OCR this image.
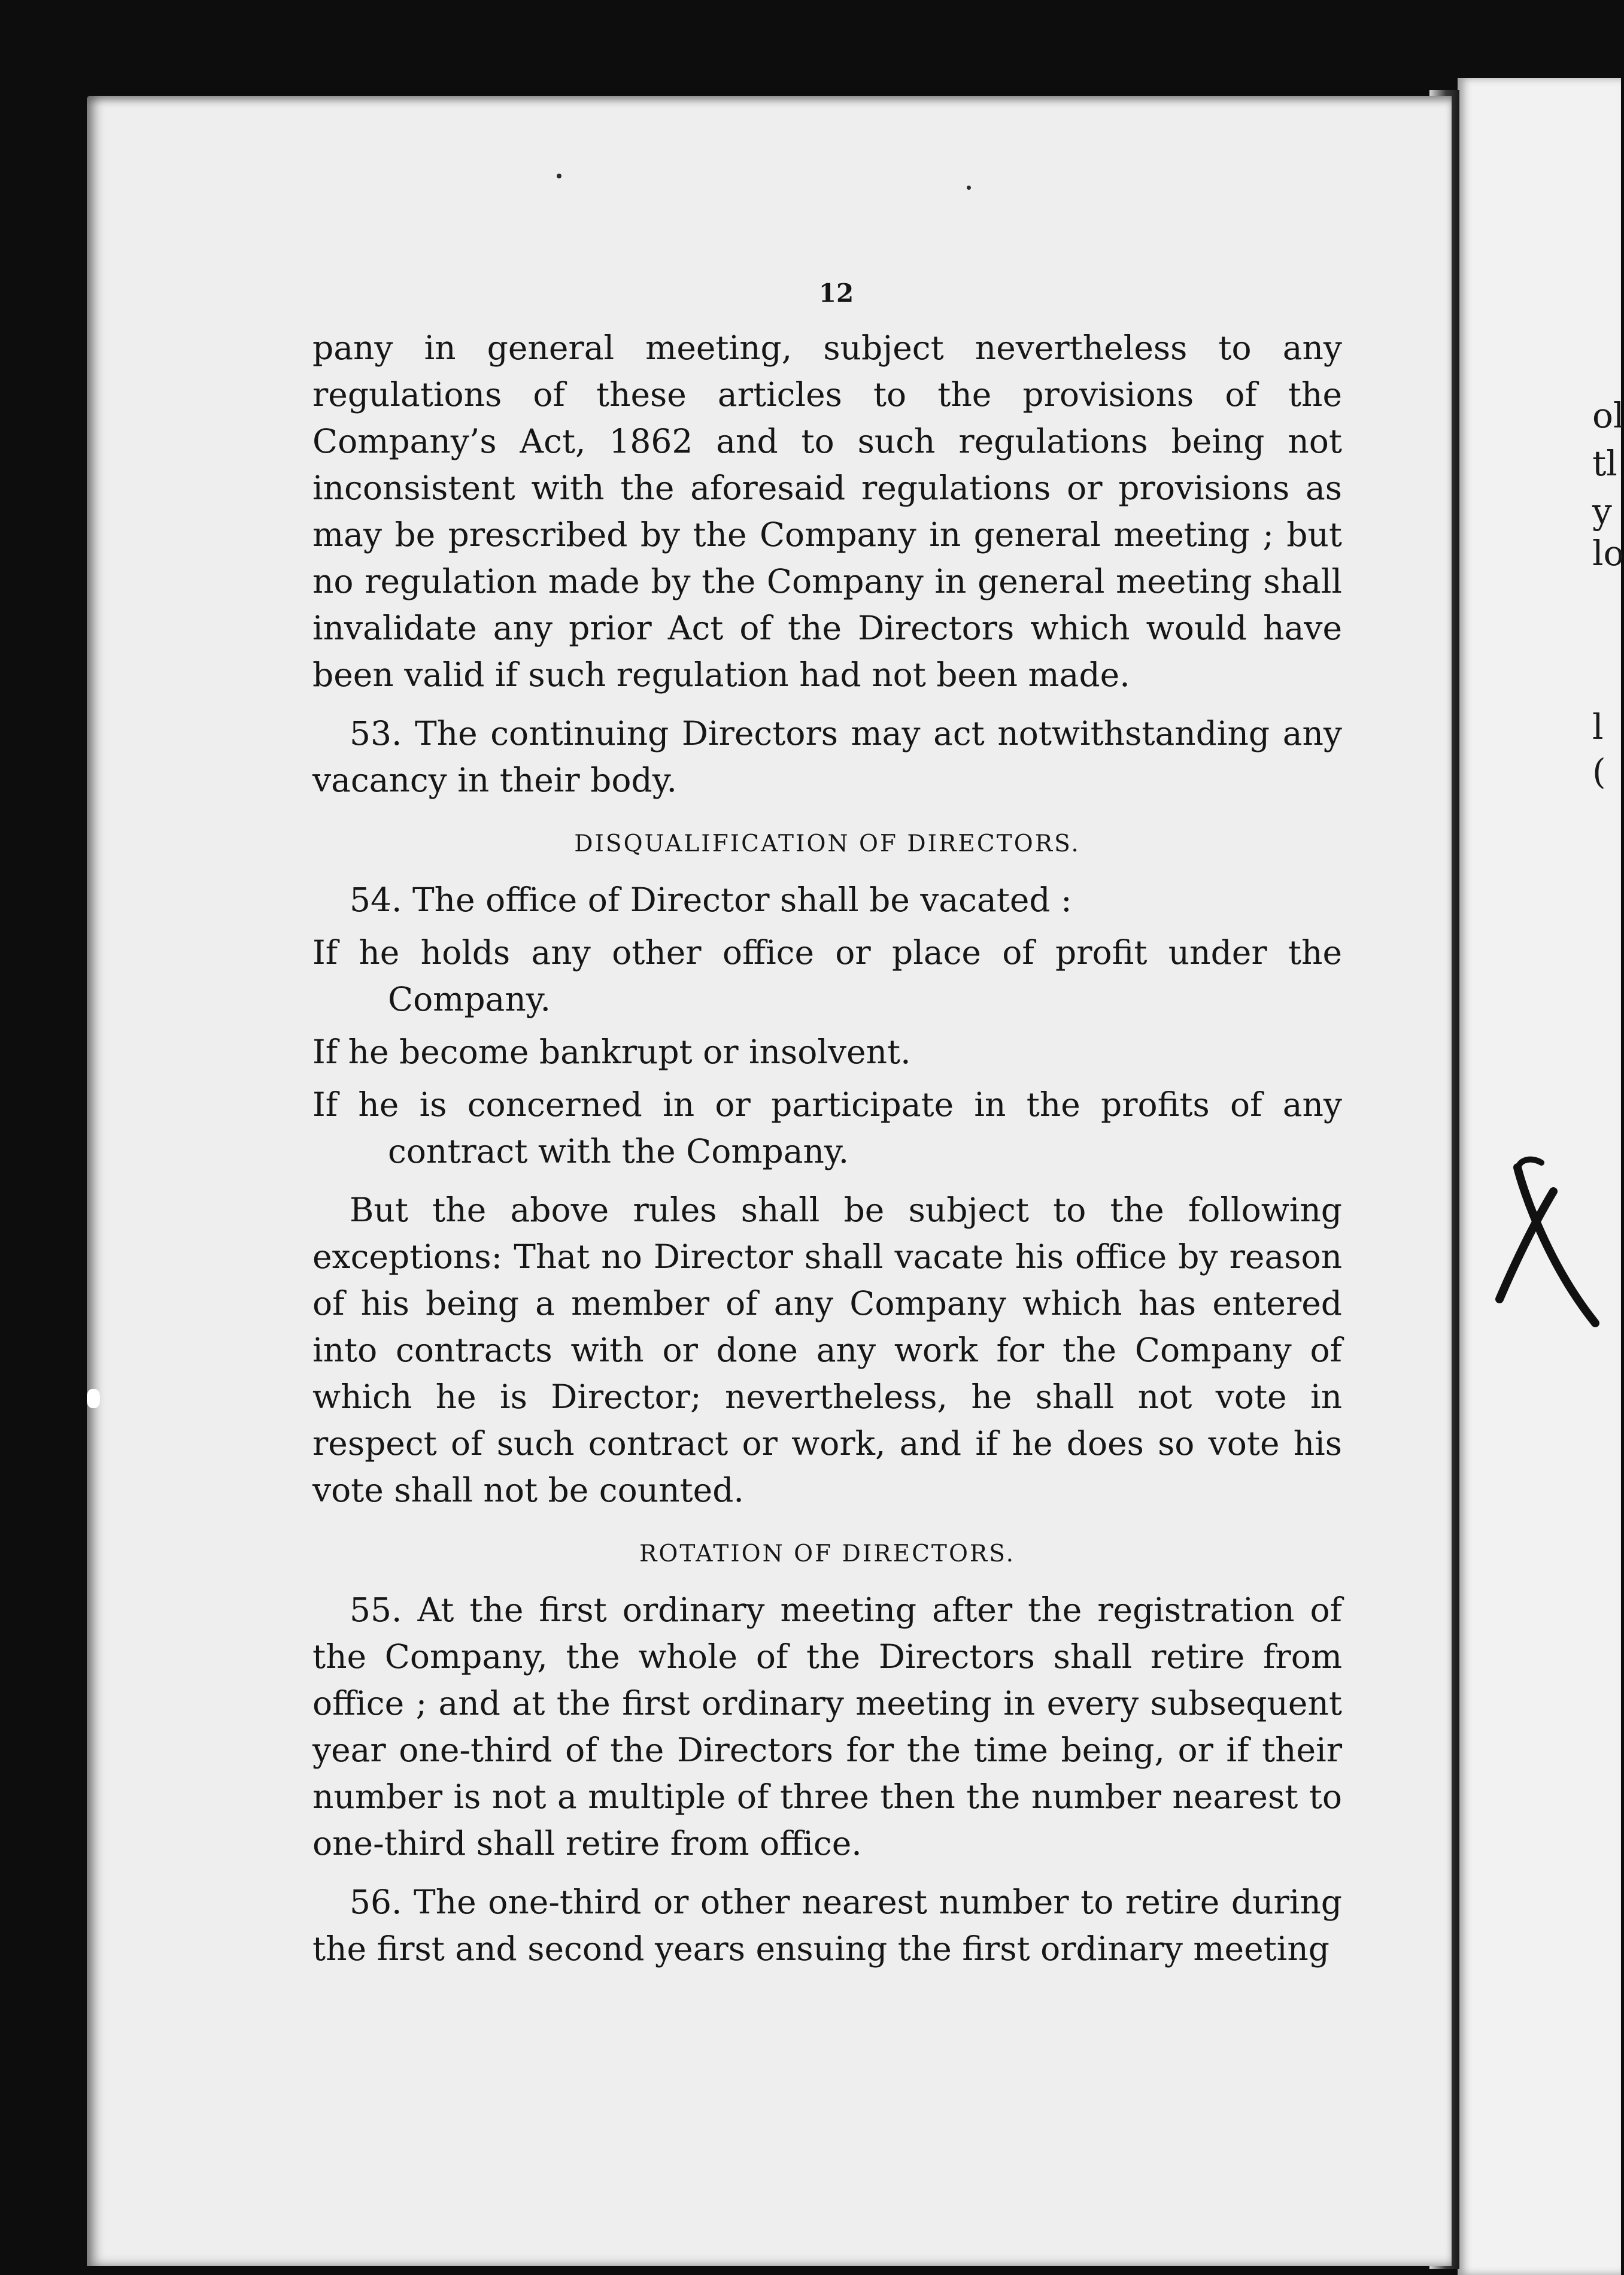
ol
tl
y
lo
l
(
12

pany in general meeting, subject nevertheless to any regulations of these articles to the provisions of the Company’s Act, 1862 and to such regulations being not inconsistent with the aforesaid regulations or provisions as may be prescribed by the Company in general meeting ; but no regulation made by the Company in general meeting shall invalidate any prior Act of the Directors which would have been valid if such regulation had not been made.

53. The continuing Directors may act notwithstanding any vacancy in their body.

DISQUALIFICATION OF DIRECTORS.

54. The office of Director shall be vacated :

If he holds any other office or place of profit under the Company.

If he become bankrupt or insolvent.

If he is concerned in or participate in the profits of any contract with the Company.

But the above rules shall be subject to the following exceptions: That no Director shall vacate his office by reason of his being a member of any Company which has entered into contracts with or done any work for the Company of which he is Director; nevertheless, he shall not vote in respect of such contract or work, and if he does so vote his vote shall not be counted.

ROTATION OF DIRECTORS.

55. At the first ordinary meeting after the registration of the Company, the whole of the Directors shall retire from office ; and at the first ordinary meeting in every subsequent year one-third of the Directors for the time being, or if their number is not a multiple of three then the number nearest to one-third shall retire from office.

56. The one-third or other nearest number to retire during the first and second years ensuing the first ordinary meeting
